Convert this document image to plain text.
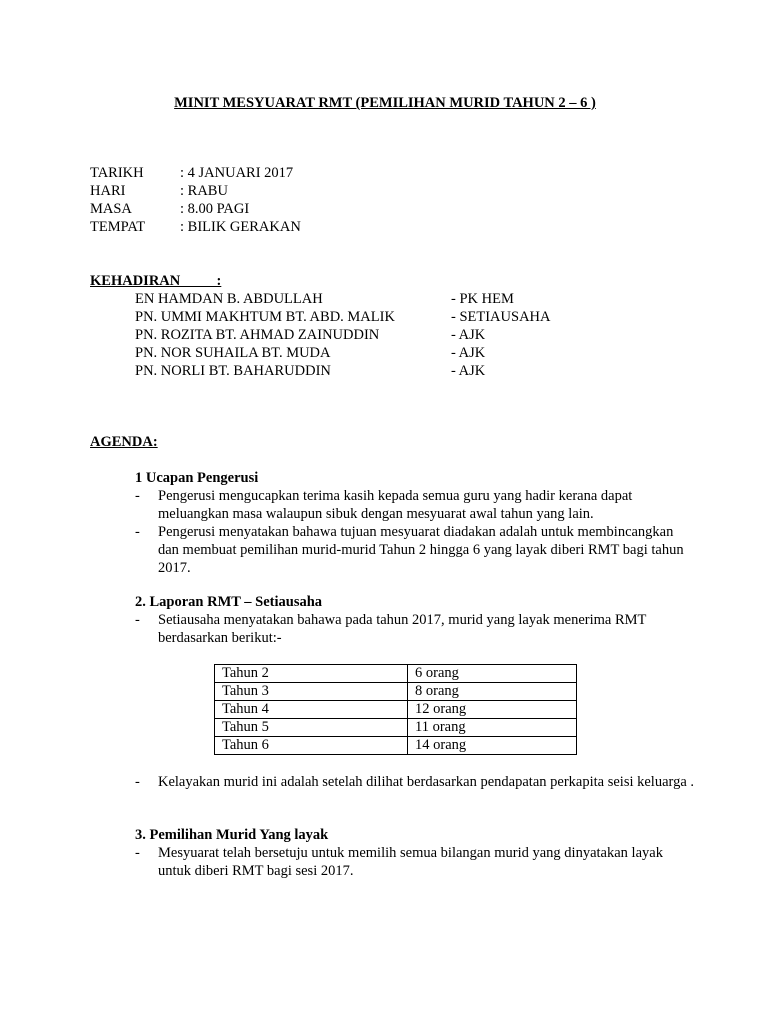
MINIT MESYUARAT RMT (PEMILIHAN MURID TAHUN 2 – 6 )
TARIKH	: 4 JANUARI 2017
HARI	: RABU
MASA	: 8.00 PAGI
TEMPAT : BILIK GERAKAN
KEHADIRAN          :
EN HAMDAN B. ABDULLAH	- PK HEM
PN. UMMI MAKHTUM BT. ABD. MALIK	- SETIAUSAHA
PN. ROZITA BT. AHMAD ZAINUDDIN	- AJK
PN. NOR SUHAILA BT. MUDA	- AJK
PN. NORLI BT. BAHARUDDIN	- AJK
AGENDA:
1 Ucapan Pengerusi
- Pengerusi mengucapkan terima kasih kepada semua guru yang hadir kerana dapat meluangkan masa walaupun sibuk dengan mesyuarat awal tahun yang lain.
- Pengerusi menyatakan bahawa tujuan mesyuarat diadakan adalah untuk membincangkan dan membuat pemilihan murid-murid Tahun 2 hingga 6 yang layak diberi RMT bagi tahun 2017.
2. Laporan RMT – Setiausaha
- Setiausaha menyatakan bahawa pada tahun 2017, murid yang layak menerima RMT berdasarkan berikut:-
Tahun 2	6 orang
Tahun 3	8 orang
Tahun 4	12 orang
Tahun 5	11 orang
Tahun 6	14 orang
- Kelayakan murid ini adalah setelah dilihat berdasarkan pendapatan perkapita seisi keluarga .
3. Pemilihan Murid Yang layak
- Mesyuarat telah bersetuju untuk memilih semua bilangan murid yang dinyatakan layak untuk diberi RMT bagi sesi 2017.
